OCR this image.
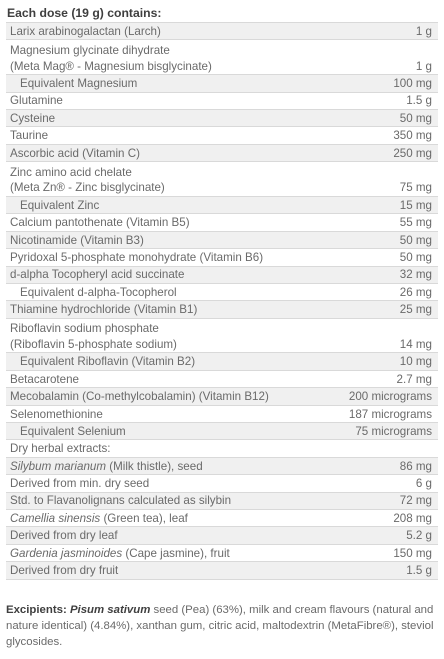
Each dose (19 g) contains:
Larix arabinogalactan (Larch)	1 g
Magnesium glycinate dihydrate
(Meta Mag® - Magnesium bisglycinate)	1 g
Equivalent Magnesium	100 mg
Glutamine	1.5 g
Cysteine	50 mg
Taurine	350 mg
Ascorbic acid (Vitamin C)	250 mg
Zinc amino acid chelate
(Meta Zn® - Zinc bisglycinate)	75 mg
Equivalent Zinc	15 mg
Calcium pantothenate (Vitamin B5)	55 mg
Nicotinamide (Vitamin B3)	50 mg
Pyridoxal 5-phosphate monohydrate (Vitamin B6)	50 mg
d-alpha Tocopheryl acid succinate	32 mg
Equivalent d-alpha-Tocopherol	26 mg
Thiamine hydrochloride (Vitamin B1)	25 mg
Riboflavin sodium phosphate
(Riboflavin 5-phosphate sodium)	14 mg
Equivalent Riboflavin (Vitamin B2)	10 mg
Betacarotene	2.7 mg
Mecobalamin (Co-methylcobalamin) (Vitamin B12)	200 micrograms
Selenomethionine	187 micrograms
Equivalent Selenium	75 micrograms
Dry herbal extracts:
Silybum marianum (Milk thistle), seed	86 mg
Derived from min. dry seed	6 g
Std. to Flavanolignans calculated as silybin	72 mg
Camellia sinensis (Green tea), leaf	208 mg
Derived from dry leaf	5.2 g
Gardenia jasminoides (Cape jasmine), fruit	150 mg
Derived from dry fruit	1.5 g
Excipients: Pisum sativum seed (Pea) (63%), milk and cream flavours (natural and nature identical) (4.84%), xanthan gum, citric acid, maltodextrin (MetaFibre®), steviol glycosides.
